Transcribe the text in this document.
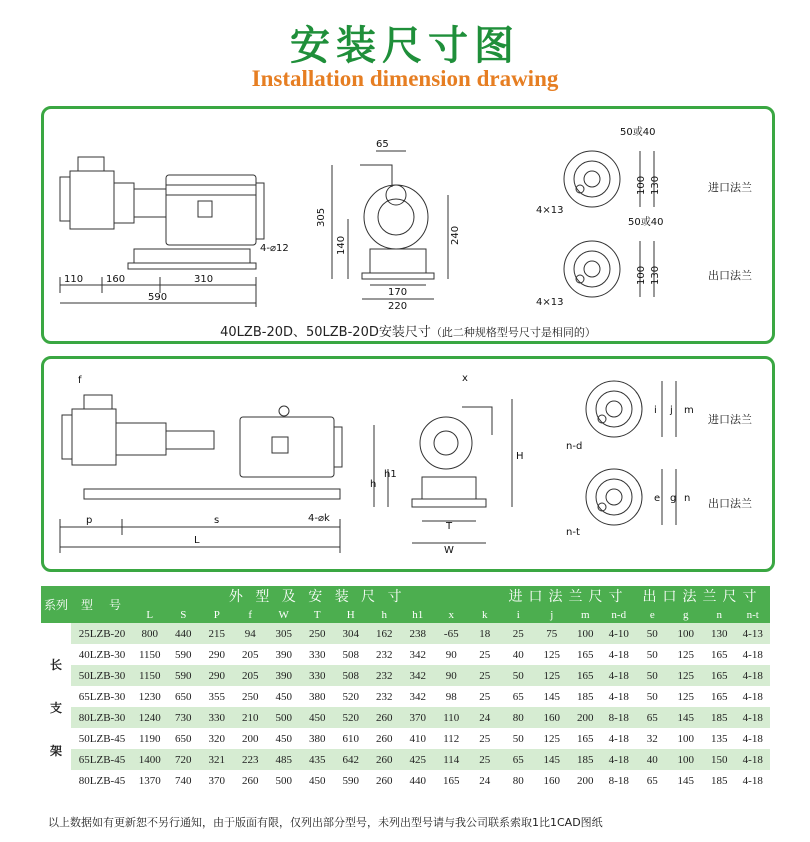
安装尺寸图
Installation dimension drawing
110 160	310
590
4-⌀12
65
305
140
240
170
220
50或40
100 130
4×13
50或40
100 130
4×13
进口法兰
出口法兰
40LZB-20D、50LZB-20D安装尺寸（此二种规格型号尺寸是相同的）
f
p	s
L
4-⌀k
x
h
h1
H
T
W
i j m
n-d
e g n
n-t
进口法兰
出口法兰
系列	型　号	外 型 及 安 装 尺 寸											进口法兰尺寸				出口法兰尺寸			
		L	S	P	f	W	T	H	h	h1	x	k	i	j	m	n-d	e	g	n	n-t

长
支
架	25LZB-20	800	440	215	94	305	250	304	162	238	-65	18	25	75	100	4-10	50	100	130	4-13
	40LZB-30	1150	590	290	205	390	330	508	232	342	90	25	40	125	165	4-18	50	125	165	4-18
	50LZB-30	1150	590	290	205	390	330	508	232	342	90	25	50	125	165	4-18	50	125	165	4-18
	65LZB-30	1230	650	355	250	450	380	520	232	342	98	25	65	145	185	4-18	50	125	165	4-18
	80LZB-30	1240	730	330	210	500	450	520	260	370	110	24	80	160	200	8-18	65	145	185	4-18
	50LZB-45	1190	650	320	200	450	380	610	260	410	112	25	50	125	165	4-18	32	100	135	4-18
	65LZB-45	1400	720	321	223	485	435	642	260	425	114	25	65	145	185	4-18	40	100	150	4-18
	80LZB-45	1370	740	370	260	500	450	590	260	440	165	24	80	160	200	8-18	65	145	185	4-18
以上数据如有更新恕不另行通知，由于版面有限，仅列出部分型号，未列出型号请与我公司联系索取1比1CAD图纸
